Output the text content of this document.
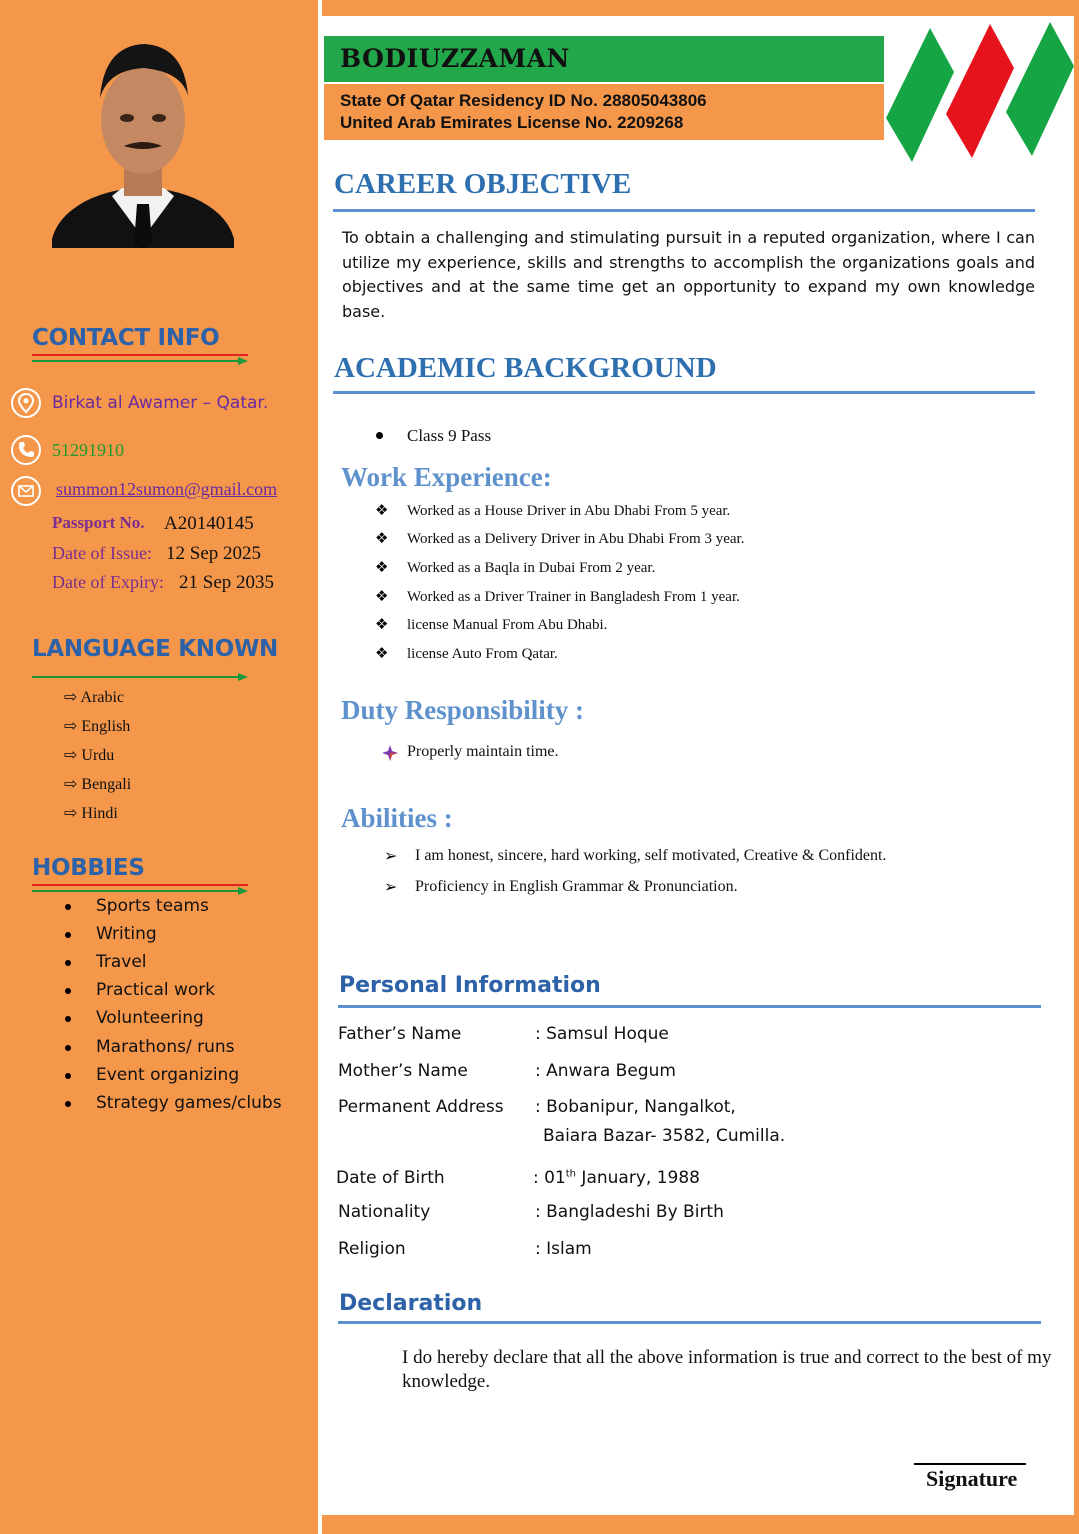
CONTACT INFO
Birkat al Awamer – Qatar.
51291910
summon12sumon@gmail.com
Passport No. A20140145
Date of Issue: 12 Sep 2025
Date of Expiry: 21 Sep 2035
LANGUAGE KNOWN
⇨ Arabic
⇨ English
⇨ Urdu
⇨ Bengali
⇨ Hindi
HOBBIES
Sports teams
Writing
Travel
Practical work
Volunteering
Marathons/ runs
Event organizing
Strategy games/clubs
BODIUZZAMAN
State Of Qatar Residency ID No. 28805043806
United Arab Emirates License No. 2209268
CAREER OBJECTIVE
To obtain a challenging and stimulating pursuit in a reputed organization, where I can utilize my experience, skills and strengths to accomplish the organizations goals and objectives and at the same time get an opportunity to expand my own knowledge base.
ACADEMIC BACKGROUND
Class 9 Pass
Work Experience:
❖ Worked as a House Driver in Abu Dhabi From 5 year.
❖ Worked as a Delivery Driver in Abu Dhabi From 3 year.
❖ Worked as a Baqla in Dubai From 2 year.
❖ Worked as a Driver Trainer in Bangladesh From 1 year.
❖ license Manual From Abu Dhabi.
❖ license Auto From Qatar.
Duty Responsibility :
Properly maintain time.
Abilities :
➢ I am honest, sincere, hard working, self motivated, Creative & Confident.
➢ Proficiency in English Grammar & Pronunciation.
Personal Information
Father’s Name	: Samsul Hoque
Mother’s Name	: Anwara Begum
Permanent Address : Bobanipur, Nangalkot,
Baiara Bazar- 3582, Cumilla.
Date of Birth	: 01th January, 1988
Nationality	: Bangladeshi By Birth
Religion	: Islam
Declaration
I do hereby declare that all the above information is true and correct to the best of my knowledge.
Signature
